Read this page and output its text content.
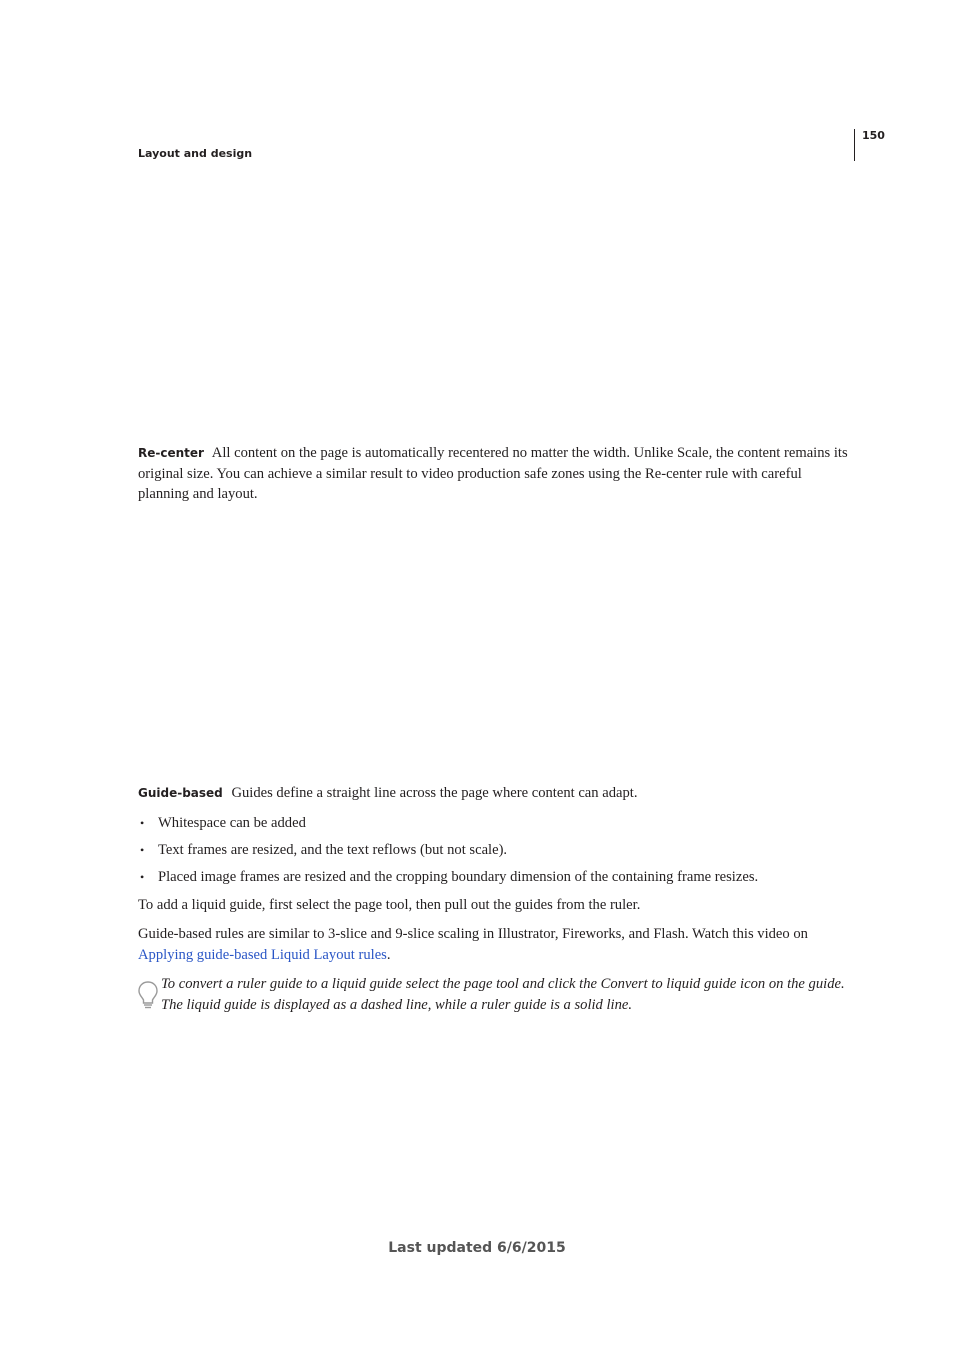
150
Layout and design

Re-center All content on the page is automatically recentered no matter the width. Unlike Scale, the content remains its original size. You can achieve a similar result to video production safe zones using the Re-center rule with careful planning and layout.

Guide-based Guides define a straight line across the page where content can adapt.

• Whitespace can be added
• Text frames are resized, and the text reflows (but not scale).
• Placed image frames are resized and the cropping boundary dimension of the containing frame resizes.

To add a liquid guide, first select the page tool, then pull out the guides from the ruler.

Guide-based rules are similar to 3-slice and 9-slice scaling in Illustrator, Fireworks, and Flash. Watch this video on Applying guide-based Liquid Layout rules.

To convert a ruler guide to a liquid guide select the page tool and click the Convert to liquid guide icon on the guide. The liquid guide is displayed as a dashed line, while a ruler guide is a solid line.
Last updated 6/6/2015
